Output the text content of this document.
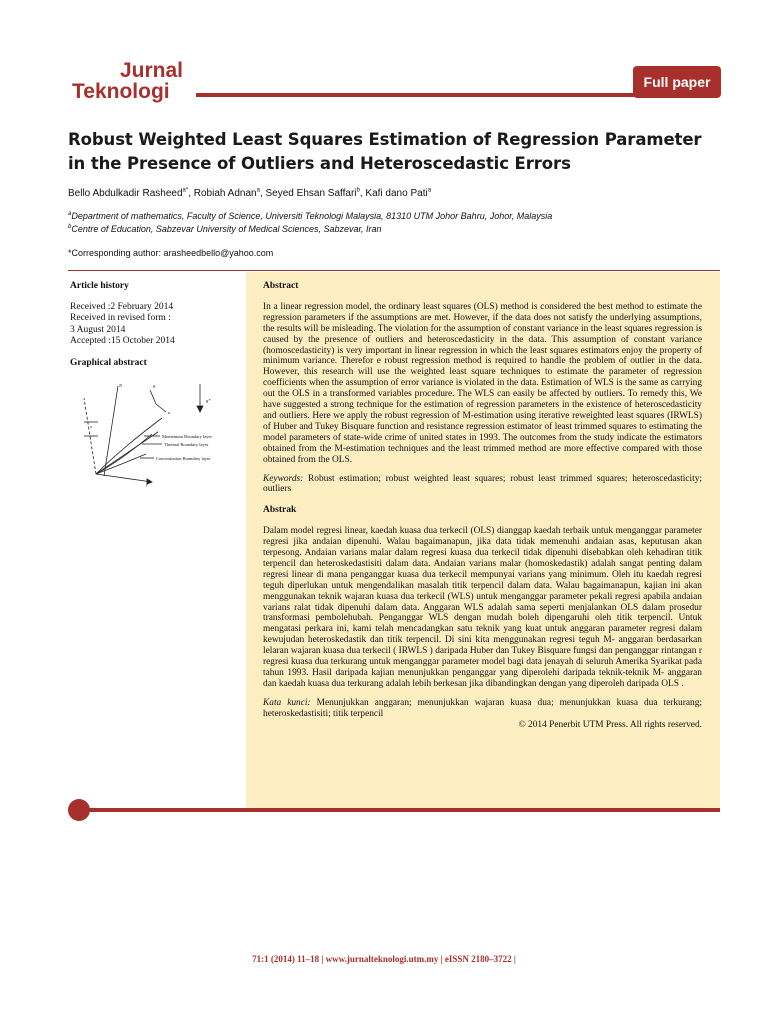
Jurnal
Teknologi	Full paper
Robust Weighted Least Squares Estimation of Regression Parameter in the Presence of Outliers and Heteroscedastic Errors
Bello Abdulkadir Rasheed$^{a*}$, Robiah Adnan$^a$, Seyed Ehsan Saffari$^b$, Kafi dano Pati$^a$
$^a$Department of mathematics, Faculty of Science, Universiti Teknologi Malaysia, 81310 UTM Johor Bahru, Johor, Malaysia
$^b$Centre of Education, Sabzevar University of Medical Sciences, Sabzevar, Iran
*Corresponding author: arasheedbello@yahoo.com
Article history

Received :2 February 2014

Received in revised form :

3 August 2014

Accepted :15 October 2014

Graphical abstract
Momentum Boundary layer
Thermal Boundary layer
Concentration Boundary layer
y
N	θ
u
g*
x
Abstract

In a linear regression model, the ordinary least squares (OLS) method is considered the best method to estimate the regression parameters if the assumptions are met. However, if the data does not satisfy the underlying assumptions, the results will be misleading. The violation for the assumption of constant variance in the least squares regression is caused by the presence of outliers and heteroscedasticity in the data. This assumption of constant variance (homoscedasticity) is very important in linear regression in which the least squares estimators enjoy the property of minimum variance. Therefor e robust regression method is required to handle the problem of outlier in the data. However, this research will use the weighted least square techniques to estimate the parameter of regression coefficients when the assumption of error variance is violated in the data. Estimation of WLS is the same as carrying out the OLS in a transformed variables procedure. The WLS can easily be affected by outliers. To remedy this, We have suggested a strong technique for the estimation of regression parameters in the existence of heteroscedasticity and outliers. Here we apply the robust regression of M-estimation using iterative reweighted least squares (IRWLS) of Huber and Tukey Bisquare function and resistance regression estimator of least trimmed squares to estimating the model parameters of state-wide crime of united states in 1993. The outcomes from the study indicate the estimators obtained from the M-estimation techniques and the least trimmed method are more effective compared with those obtained from the OLS.

Keywords: Robust estimation; robust weighted least squares; robust least trimmed squares; heteroscedasticity; outliers

Abstrak

Dalam model regresi linear, kaedah kuasa dua terkecil (OLS) dianggap kaedah terbaik untuk menganggar parameter regresi jika andaian dipenuhi. Walau bagaimanapun, jika data tidak memenuhi andaian asas, keputusan akan terpesong. Andaian varians malar dalam regresi kuasa dua terkecil tidak dipenuhi disebabkan oleh kehadiran titik terpencil dan heteroskedastisiti dalam data. Andaian varians malar (homoskedastik) adalah sangat penting dalam regresi linear di mana penganggar kuasa dua terkecil mempunyai varians yang minimum. Oleh itu kaedah regresi teguh diperlukan untuk mengendalikan masalah titik terpencil dalam data. Walau bagaimanapun, kajian ini akan menggunakan teknik wajaran kuasa dua terkecil (WLS) untuk menganggar parameter pekali regresi apabila andaian varians ralat tidak dipenuhi dalam data. Anggaran WLS adalah sama seperti menjalankan OLS dalam prosedur transformasi pembolehubah. Penganggar WLS dengan mudah boleh dipengaruhi oleh titik terpencil. Untuk mengatasi perkara ini, kami telah mencadangkan satu teknik yang kuat untuk anggaran parameter regresi dalam kewujudan heteroskedastik dan titik terpencil. Di sini kita menggunakan regresi teguh M- anggaran berdasarkan lelaran wajaran kuasa dua terkecil ( IRWLS ) daripada Huber dan Tukey Bisquare fungsi dan penganggar rintangan r regresi kuasa dua terkurang untuk menganggar parameter model bagi data jenayah di seluruh Amerika Syarikat pada tahun 1993. Hasil daripada kajian menunjukkan penganggar yang diperolehi daripada teknik-teknik M- anggaran dan kaedah kuasa dua terkurang adalah lebih berkesan jika dibandingkan dengan yang diperoleh daripada OLS .

Kata kunci: Menunjukkan anggaran; menunjukkan wajaran kuasa dua; menunjukkan kuasa dua terkurang; heteroskedastisiti; titik terpencil

© 2014 Penerbit UTM Press. All rights reserved.

71:1 (2014) 11–18 | www.jurnalteknologi.utm.my | eISSN 2180–3722 |
